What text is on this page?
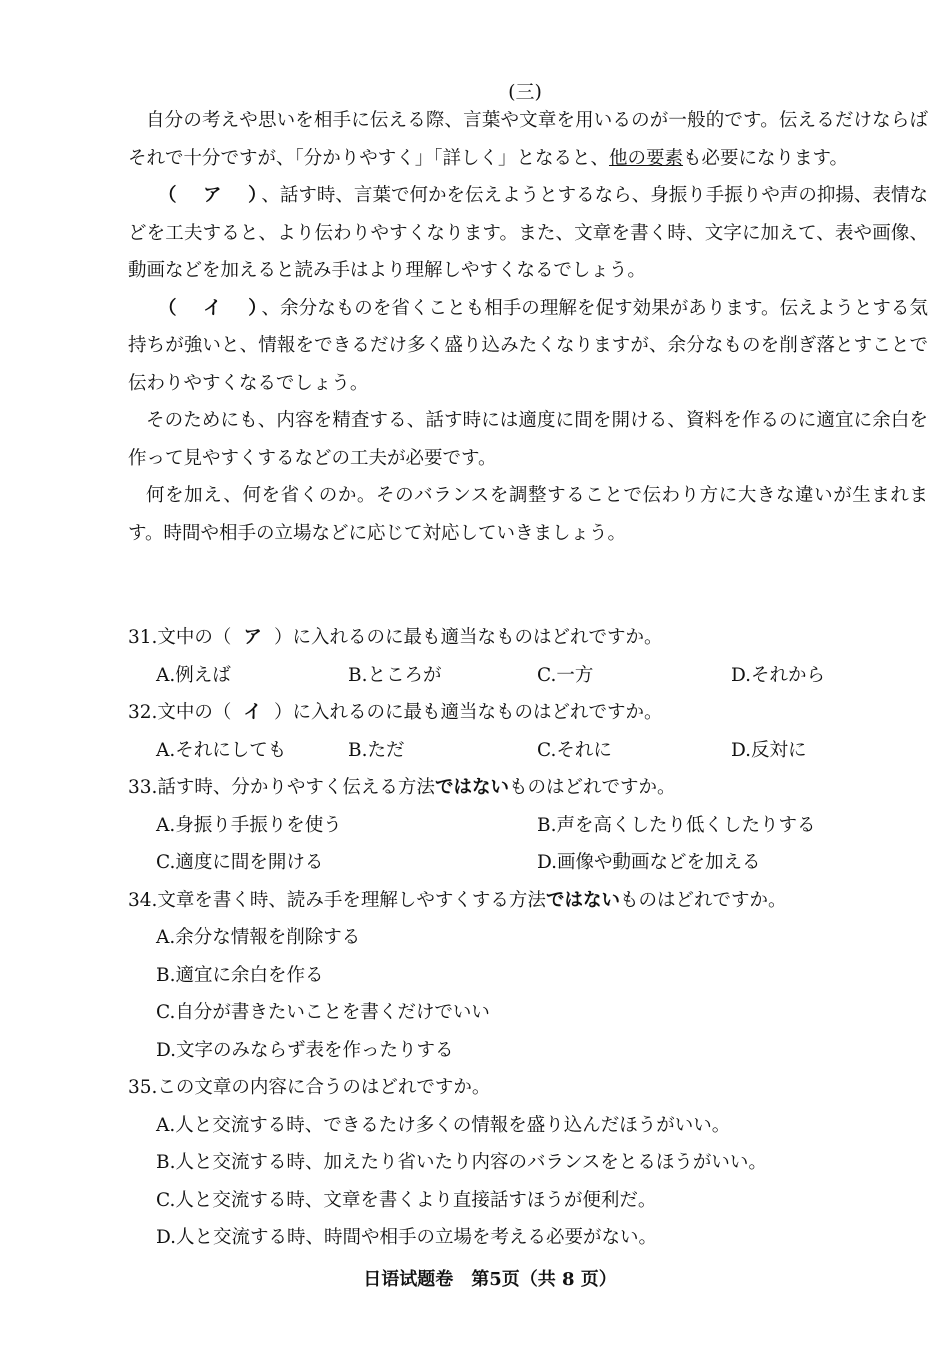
(三)

自分の考えや思いを相手に伝える際、言葉や文章を用いるのが一般的です。伝えるだけならばそれで十分ですが、「分かりやすく」「詳しく」となると、他の要素も必要になります。

（　ア　）、話す時、言葉で何かを伝えようとするなら、身振り手振りや声の抑揚、表情などを工夫すると、より伝わりやすくなります。また、文章を書く時、文字に加えて、表や画像、動画などを加えると読み手はより理解しやすくなるでしょう。

（　イ　）、余分なものを省くことも相手の理解を促す効果があります。伝えようとする気持ちが強いと、情報をできるだけ多く盛り込みたくなりますが、余分なものを削ぎ落とすことで伝わりやすくなるでしょう。

そのためにも、内容を精査する、話す時には適度に間を開ける、資料を作るのに適宜に余白を作って見やすくするなどの工夫が必要です。

何を加え、何を省くのか。そのバランスを調整することで伝わり方に大きな違いが生まれます。時間や相手の立場などに応じて対応していきましょう。

31.文中の（ ア ）に入れるのに最も適当なものはどれですか。
A.例えば	B.ところが	C.一方	D.それから
32.文中の（ イ ）に入れるのに最も適当なものはどれですか。
A.それにしても	B.ただ	C.それに	D.反対に
33.話す時、分かりやすく伝える方法ではないものはどれですか。
A.身振り手振りを使う	B.声を高くしたり低くしたりする
C.適度に間を開ける	D.画像や動画などを加える
34.文章を書く時、読み手を理解しやすくする方法ではないものはどれですか。
A.余分な情報を削除する
B.適宜に余白を作る
C.自分が書きたいことを書くだけでいい
D.文字のみならず表を作ったりする
35.この文章の内容に合うのはどれですか。
A.人と交流する時、できるたけ多くの情報を盛り込んだほうがいい。
B.人と交流する時、加えたり省いたり内容のバランスをとるほうがいい。
C.人と交流する時、文章を書くより直接話すほうが便利だ。
D.人と交流する時、時間や相手の立場を考える必要がない。
日语试题卷　第5页（共 8 页）
